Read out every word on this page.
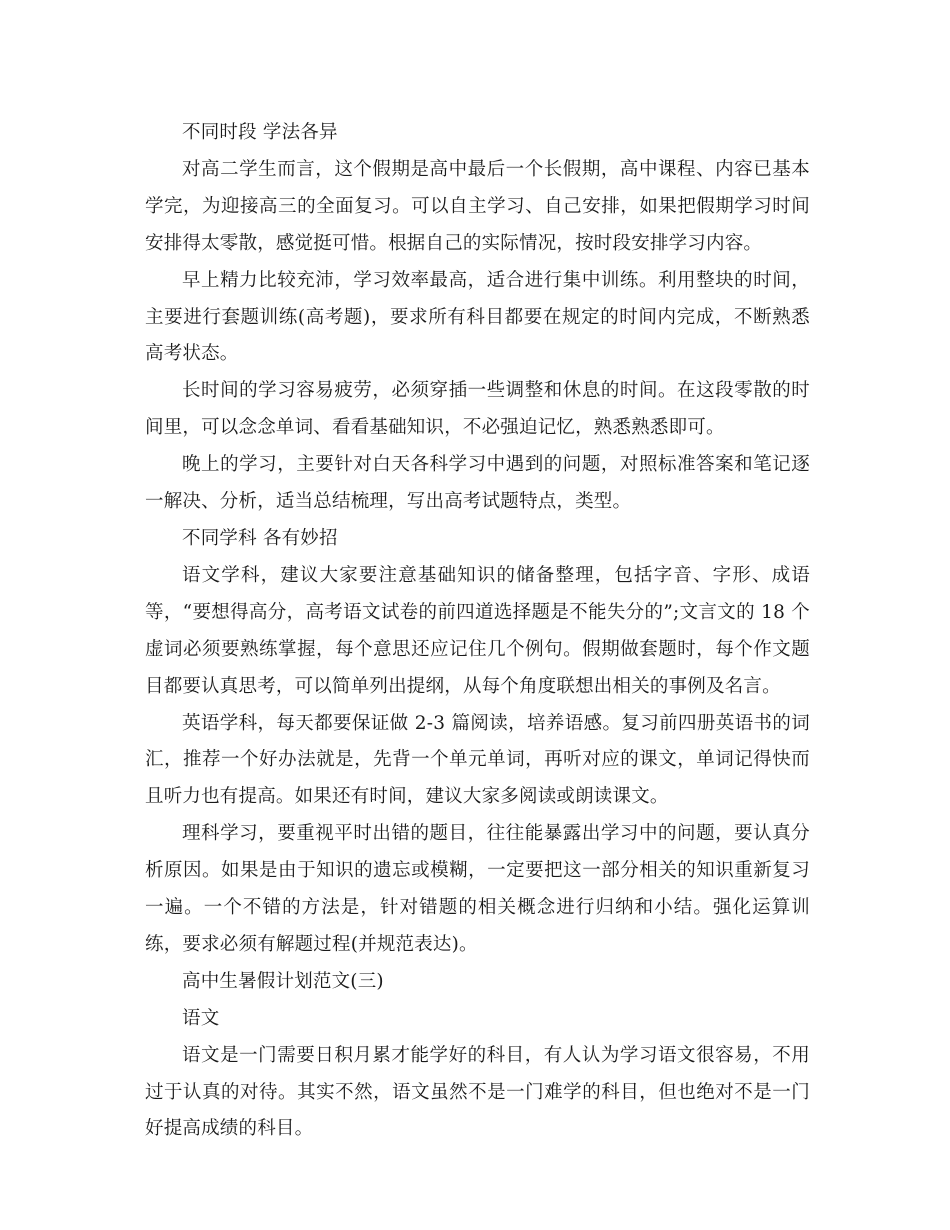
不同时段 学法各异

对高二学生而言，这个假期是高中最后一个长假期，高中课程、内容已基本学完，为迎接高三的全面复习。可以自主学习、自己安排，如果把假期学习时间安排得太零散，感觉挺可惜。根据自己的实际情况，按时段安排学习内容。

早上精力比较充沛，学习效率最高，适合进行集中训练。利用整块的时间，主要进行套题训练(高考题)，要求所有科目都要在规定的时间内完成，不断熟悉高考状态。

长时间的学习容易疲劳，必须穿插一些调整和休息的时间。在这段零散的时间里，可以念念单词、看看基础知识，不必强迫记忆，熟悉熟悉即可。

晚上的学习，主要针对白天各科学习中遇到的问题，对照标准答案和笔记逐一解决、分析，适当总结梳理，写出高考试题特点，类型。

不同学科 各有妙招

语文学科，建议大家要注意基础知识的储备整理，包括字音、字形、成语等，“要想得高分，高考语文试卷的前四道选择题是不能失分的”;文言文的 18 个虚词必须要熟练掌握，每个意思还应记住几个例句。假期做套题时，每个作文题目都要认真思考，可以简单列出提纲，从每个角度联想出相关的事例及名言。

英语学科，每天都要保证做 2-3 篇阅读，培养语感。复习前四册英语书的词汇，推荐一个好办法就是，先背一个单元单词，再听对应的课文，单词记得快而且听力也有提高。如果还有时间，建议大家多阅读或朗读课文。

理科学习，要重视平时出错的题目，往往能暴露出学习中的问题，要认真分析原因。如果是由于知识的遗忘或模糊，一定要把这一部分相关的知识重新复习一遍。一个不错的方法是，针对错题的相关概念进行归纳和小结。强化运算训练，要求必须有解题过程(并规范表达)。

高中生暑假计划范文(三)

语文

语文是一门需要日积月累才能学好的科目，有人认为学习语文很容易，不用过于认真的对待。其实不然，语文虽然不是一门难学的科目，但也绝对不是一门好提高成绩的科目。
